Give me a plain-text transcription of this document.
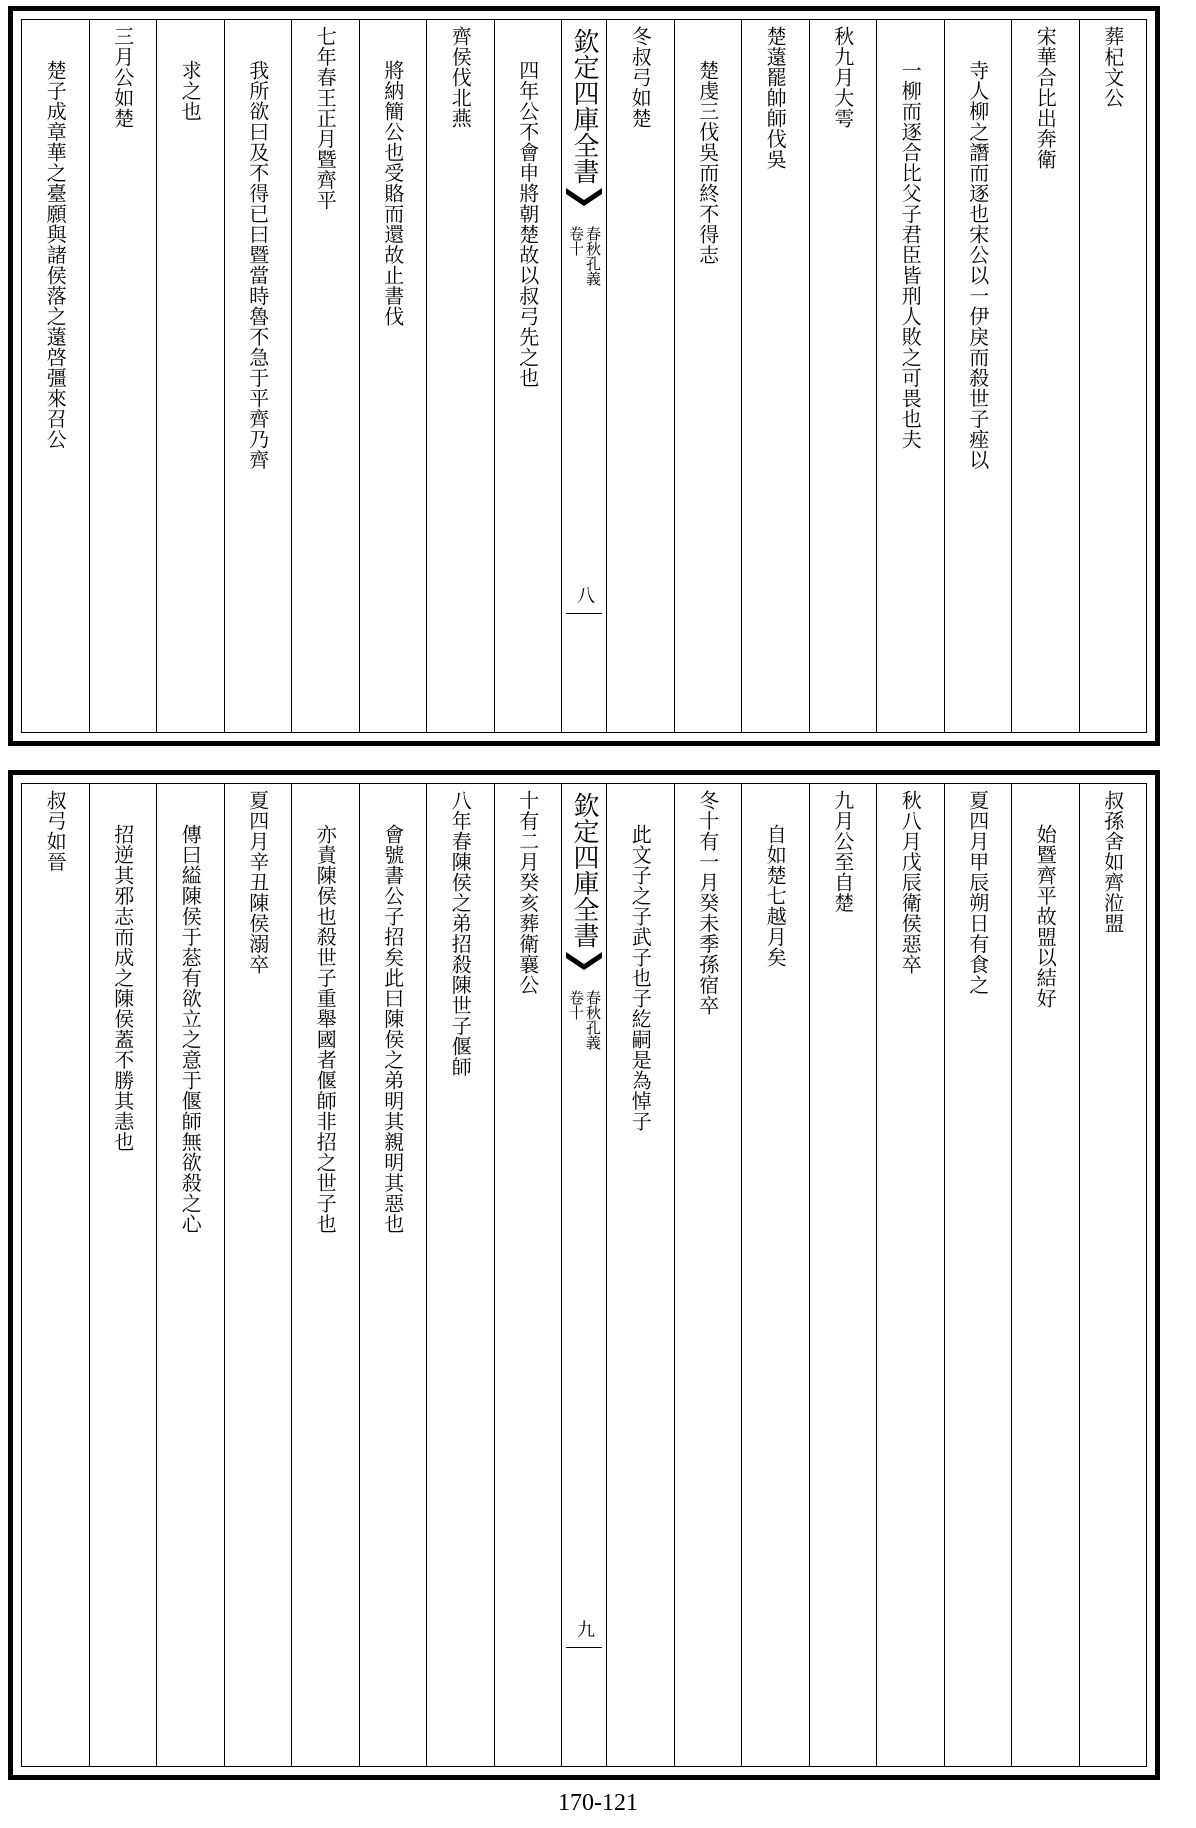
葬杞文公
宋華合比出奔衛
寺人柳之譖而逐也宋公以一伊戾而殺世子痤以
一柳而逐合比父子君臣皆刑人敗之可畏也夫
秋九月大雩
楚薳罷帥師伐吳
楚虔三伐吳而終不得志
冬叔弓如楚
欽定四庫全書
春秋孔義
卷十
八
四年公不會申將朝楚故以叔弓先之也
齊侯伐北燕
將納簡公也受賂而還故止書伐
七年春王正月暨齊平
我所欲曰及不得已曰暨當時魯不急于平齊乃齊
求之也
三月公如楚
楚子成章華之臺願與諸侯落之薳啓彊來召公
叔孫舍如齊涖盟
始暨齊平故盟以結好
夏四月甲辰朔日有食之
秋八月戊辰衛侯惡卒
九月公至自楚
自如楚七越月矣
冬十有一月癸未季孫宿卒
此文子之子武子也子紇嗣是為悼子
欽定四庫全書
春秋孔義
卷十
九
十有二月癸亥葬衛襄公
八年春陳侯之弟招殺陳世子偃師
會號書公子招矣此曰陳侯之弟明其親明其惡也
亦責陳侯也殺世子重舉國者偃師非招之世子也
夏四月辛丑陳侯溺卒
傳曰縊陳侯于䓗有欲立之意于偃師無欲殺之心
招逆其邪志而成之陳侯蓋不勝其恚也
叔弓如晉
170-121
